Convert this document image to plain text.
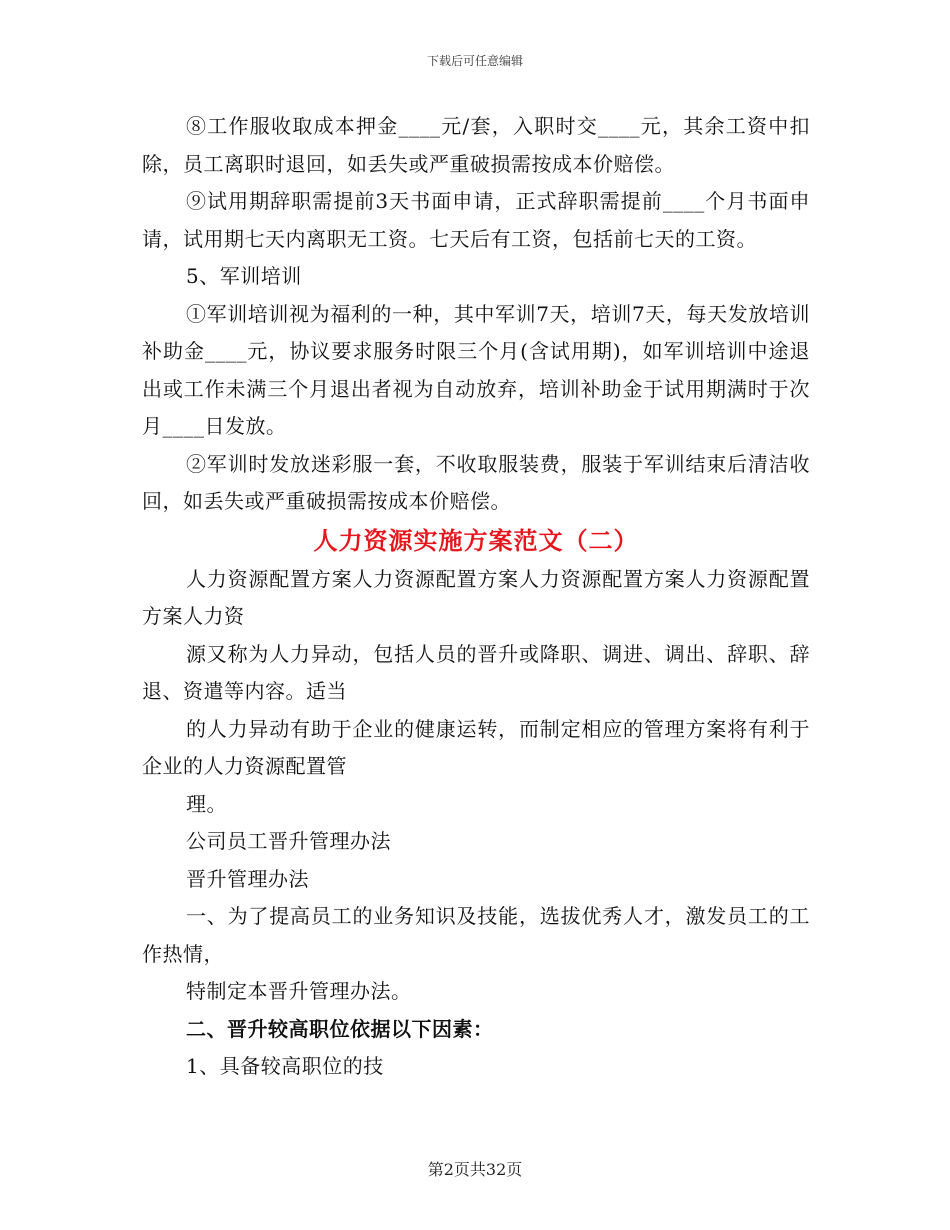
下载后可任意编辑

⑧工作服收取成本押金____元/套，入职时交____元，其余工资中扣除，员工离职时退回，如丢失或严重破损需按成本价赔偿。

⑨试用期辞职需提前3天书面申请，正式辞职需提前____个月书面申请，试用期七天内离职无工资。七天后有工资，包括前七天的工资。

5、军训培训

①军训培训视为福利的一种，其中军训7天，培训7天，每天发放培训补助金____元，协议要求服务时限三个月(含试用期)，如军训培训中途退出或工作未满三个月退出者视为自动放弃，培训补助金于试用期满时于次月____日发放。

②军训时发放迷彩服一套，不收取服装费，服装于军训结束后清洁收回，如丢失或严重破损需按成本价赔偿。

人力资源实施方案范文（二）

人力资源配置方案人力资源配置方案人力资源配置方案人力资源配置方案人力资

源又称为人力异动，包括人员的晋升或降职、调进、调出、辞职、辞退、资遣等内容。适当

的人力异动有助于企业的健康运转，而制定相应的管理方案将有利于企业的人力资源配置管

理。

公司员工晋升管理办法

晋升管理办法

一、为了提高员工的业务知识及技能，选拔优秀人才，激发员工的工作热情，

特制定本晋升管理办法。

二、晋升较高职位依据以下因素：

1、具备较高职位的技

第2页共32页
